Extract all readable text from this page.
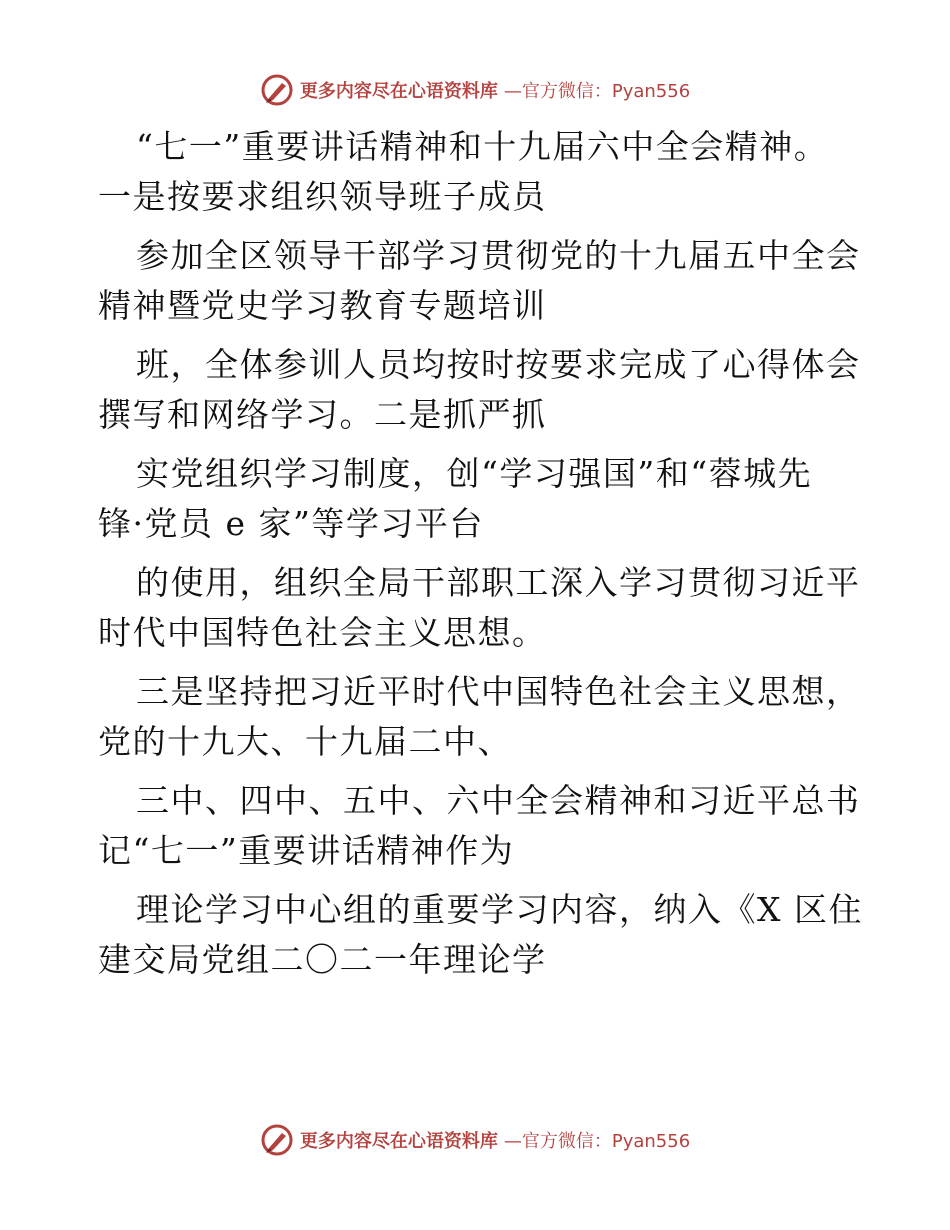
更多内容尽在心语资料库 —官方微信：Pyan556
“七一”重要讲话精神和十九届六中全会精神。
一是按要求组织领导班子成员
参加全区领导干部学习贯彻党的十九届五中全会
精神暨党史学习教育专题培训
班，全体参训人员均按时按要求完成了心得体会
撰写和网络学习。二是抓严抓
实党组织学习制度，创“学习强国”和“蓉城先
锋·党员 e 家”等学习平台
的使用，组织全局干部职工深入学习贯彻习近平
时代中国特色社会主义思想。
三是坚持把习近平时代中国特色社会主义思想，
党的十九大、十九届二中、
三中、四中、五中、六中全会精神和习近平总书
记“七一”重要讲话精神作为
理论学习中心组的重要学习内容，纳入《X 区住
建交局党组二〇二一年理论学
更多内容尽在心语资料库 —官方微信：Pyan556
